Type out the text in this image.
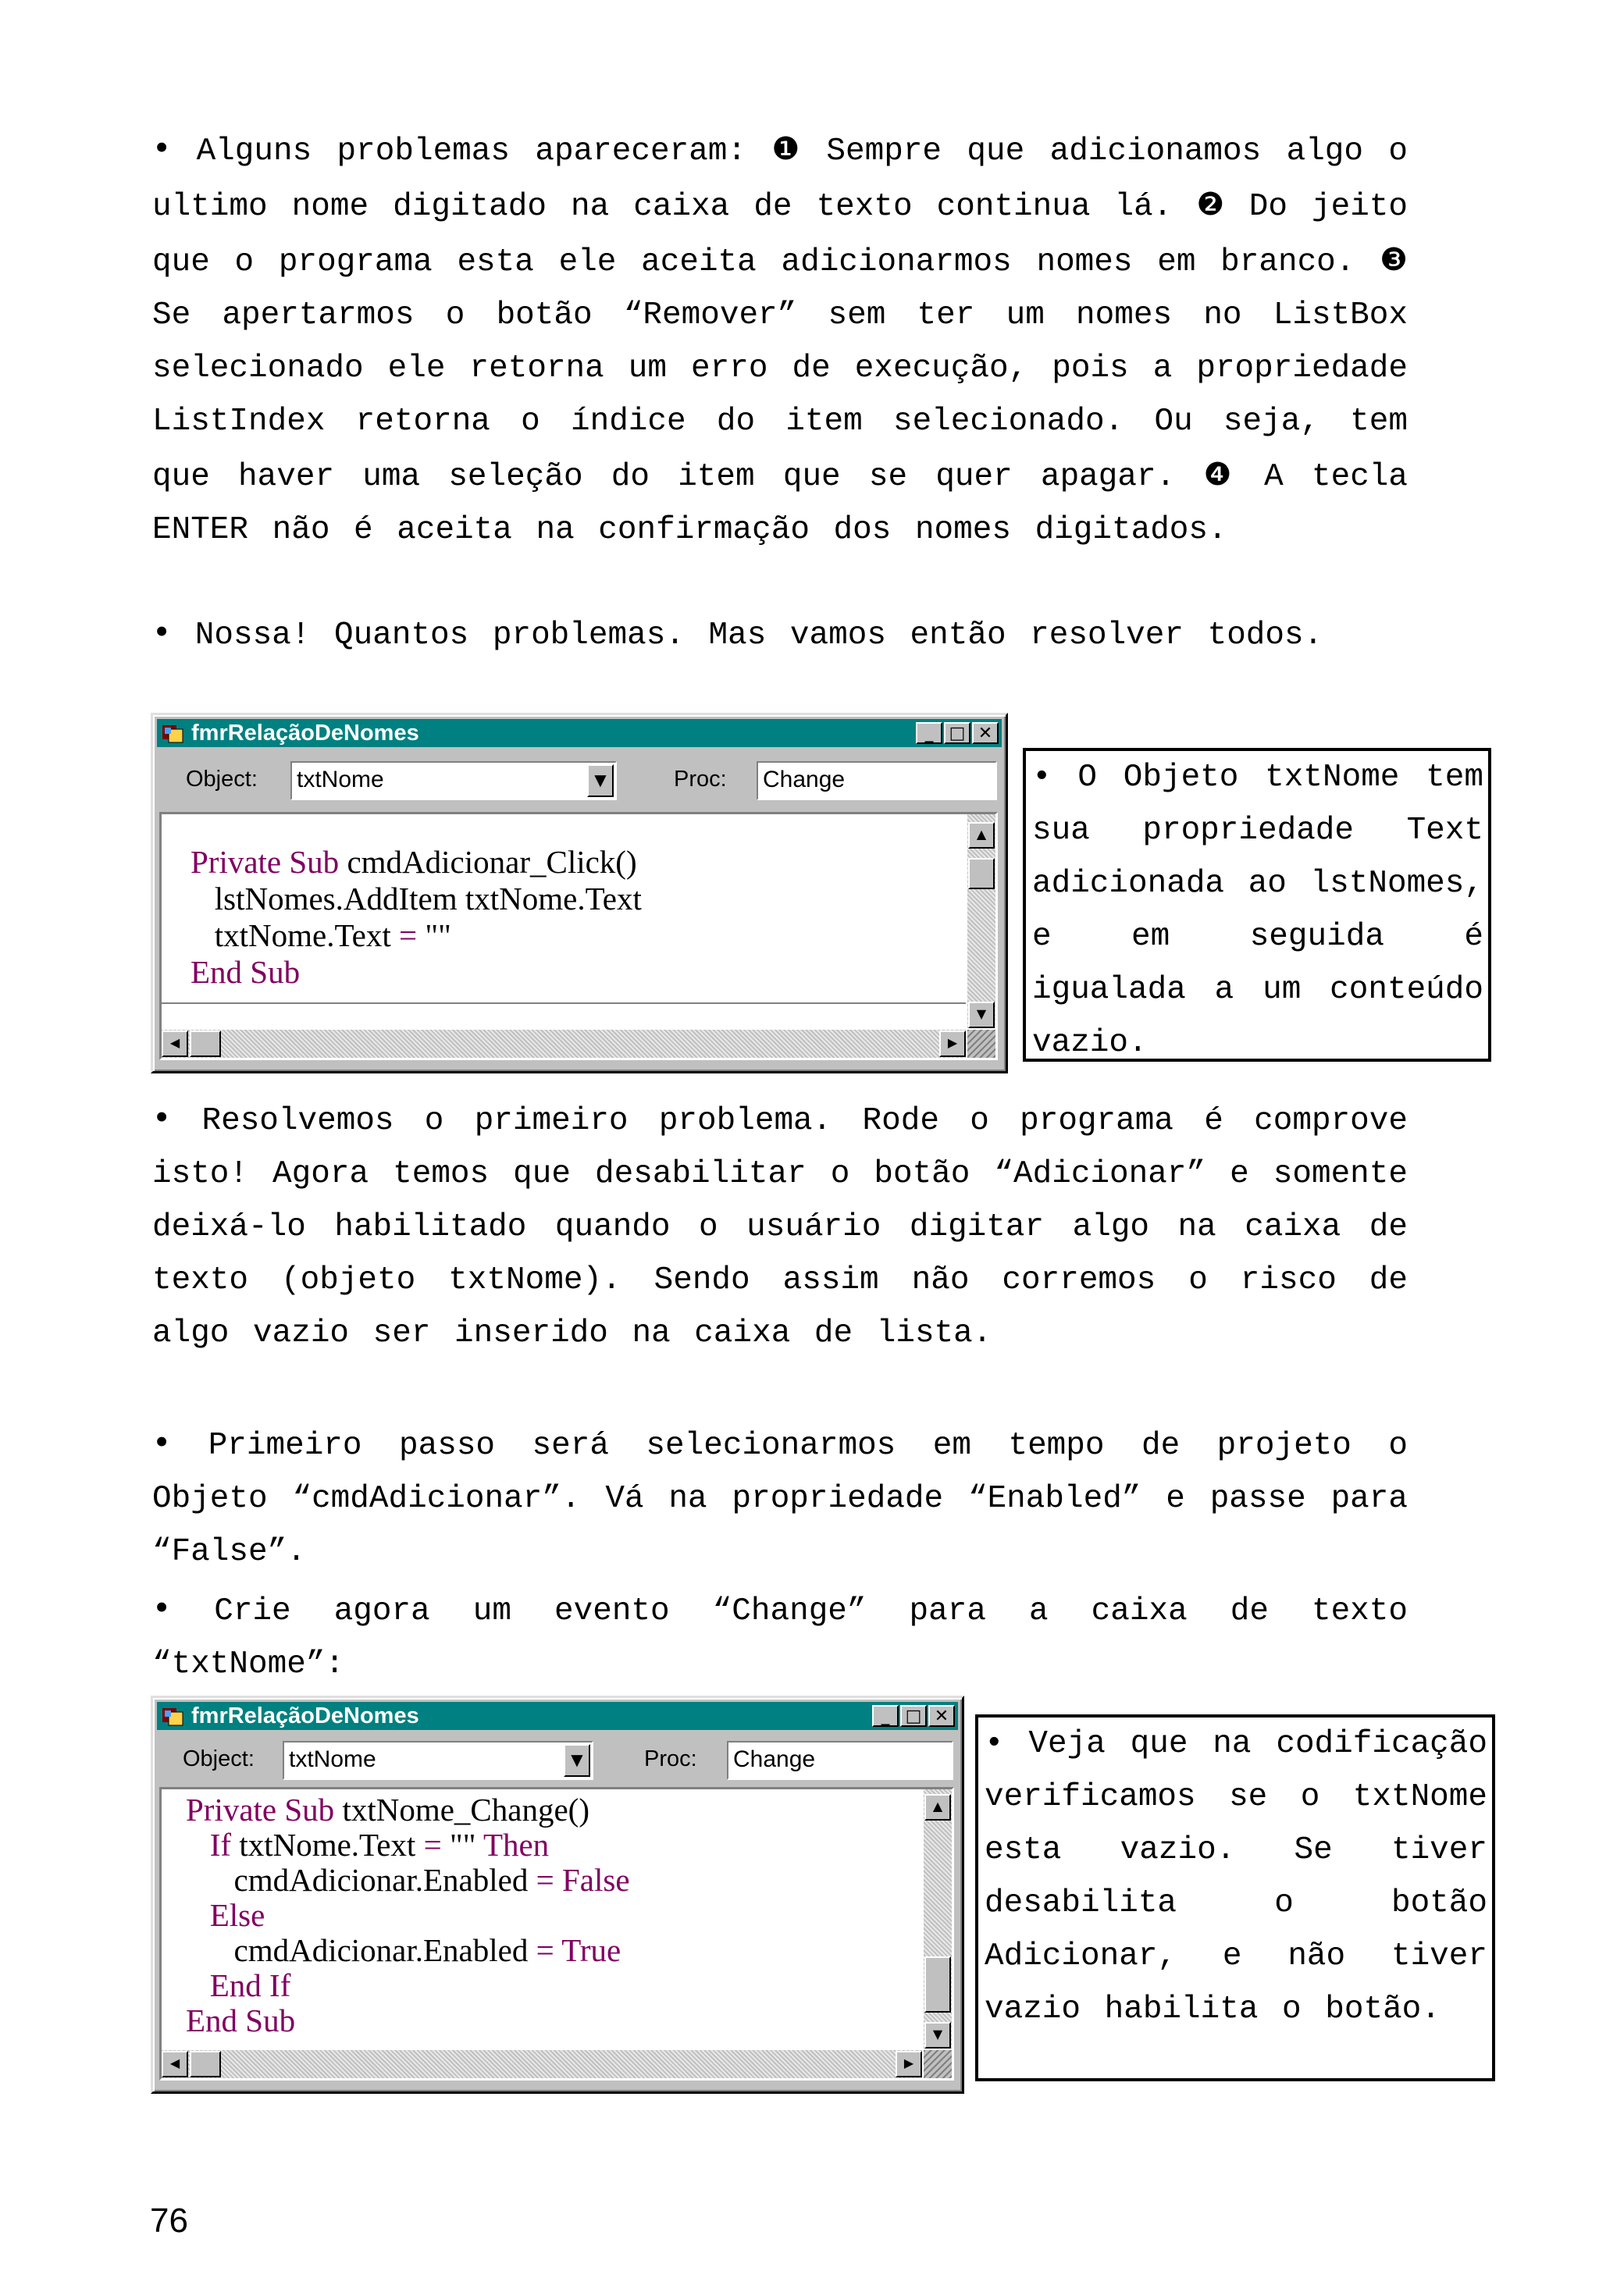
• Alguns problemas apareceram: ❶ Sempre que adicionamos algo o ultimo nome digitado na caixa de texto continua lá. ❷ Do jeito que o programa esta ele aceita adicionarmos nomes em branco. ❸ Se apertarmos o botão “Remover” sem ter um nomes no ListBox selecionado ele retorna um erro de execução, pois a propriedade ListIndex retorna o índice do item selecionado. Ou seja, tem que haver uma seleção do item que se quer apagar. ❹ A tecla ENTER não é aceita na confirmação dos nomes digitados.

• Nossa! Quantos problemas. Mas vamos então resolver todos.

fmrRelaçãoDeNomes	_ □ ✕
Object: txtNome	▼	Proc: Change
Private Sub cmdAdicionar_Click()
lstNomes.AddItem txtNome.Text
txtNome.Text = ""
End Sub
▲
▼
◀	▶
• O Objeto txtNome tem sua propriedade Text adicionada ao lstNomes, e em seguida é igualada a um conteúdo vazio.

• Resolvemos o primeiro problema. Rode o programa é comprove isto! Agora temos que desabilitar o botão “Adicionar” e somente deixá-lo habilitado quando o usuário digitar algo na caixa de texto (objeto txtNome). Sendo assim não corremos o risco de algo vazio ser inserido na caixa de lista.

• Primeiro passo será selecionarmos em tempo de projeto o Objeto “cmdAdicionar”. Vá na propriedade “Enabled” e passe para “False”.

• Crie agora um evento “Change” para a caixa de texto “txtNome”:

fmrRelaçãoDeNomes	_ □ ✕
Object: txtNome	▼	Proc: Change
Private Sub txtNome_Change()
If txtNome.Text = "" Then
cmdAdicionar.Enabled = False
Else
cmdAdicionar.Enabled = True
End If
End Sub
▲
▼
◀	▶
• Veja que na codificação verificamos se o txtNome esta vazio. Se tiver desabilita o botão Adicionar, e não tiver vazio habilita o botão.
76
